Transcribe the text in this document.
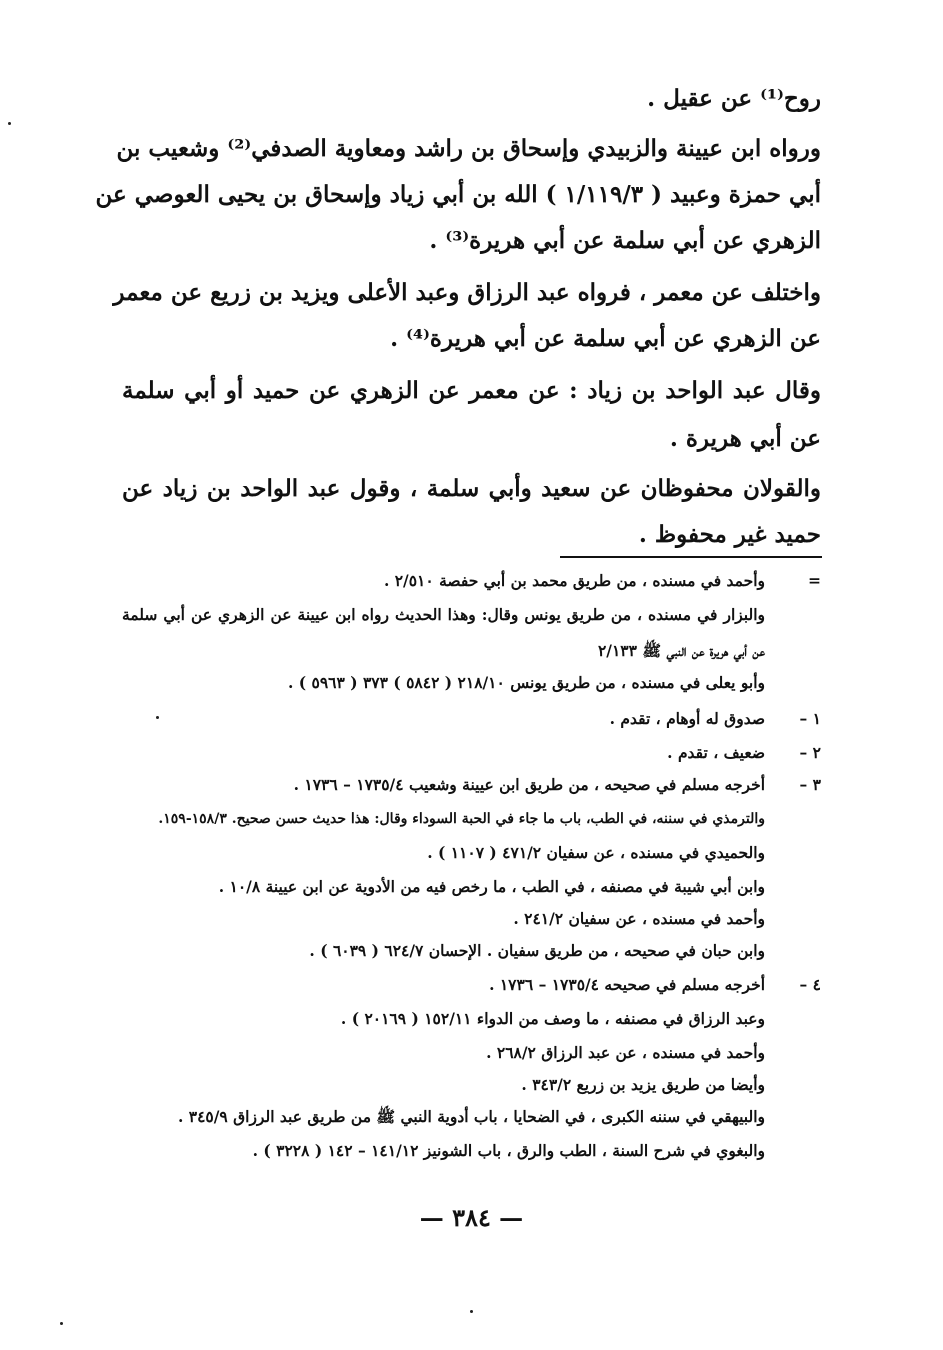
روح⁽¹⁾ عن عقيل .

ورواه ابن عيينة والزبيدي وإسحاق بن راشد ومعاوية الصدفي⁽²⁾ وشعيب بن

أبي حمزة وعبيد ( ١/١١٩/٣ ) الله بن أبي زياد وإسحاق بن يحيى العوصي عن

الزهري عن أبي سلمة عن أبي هريرة⁽³⁾ .

واختلف عن معمر ، فرواه عبد الرزاق وعبد الأعلى ويزيد بن زريع عن معمر

عن الزهري عن أبي سلمة عن أبي هريرة⁽⁴⁾ .

وقال عبد الواحد بن زياد : عن معمر عن الزهري عن حميد أو أبي سلمة

عن أبي هريرة .

والقولان محفوظان عن سعيد وأبي سلمة ، وقول عبد الواحد بن زياد عن

حميد غير محفوظ .

=

وأحمد في مسنده ، من طريق محمد بن أبي حفصة ٢/٥١٠ .

والبزار في مسنده ، من طريق يونس وقال: وهذا الحديث رواه ابن عيينة عن الزهري عن أبي سلمة

عن أبي هريرة عن النبي ﷺ ٢/١٣٣

وأبو يعلى في مسنده ، من طريق يونس ٢١٨/١٠ ( ٥٨٤٢ ) ٣٧٣ ( ٥٩٦٣ ) .

١ –

صدوق له أوهام ، تقدم .

٢ –

ضعيف ، تقدم .

٣ –

أخرجه مسلم في صحيحه ، من طريق ابن عيينة وشعيب ١٧٣٥/٤ – ١٧٣٦ .

والترمذي في سننه، في الطب، باب ما جاء في الحبة السوداء وقال: هذا حديث حسن صحيح. ١٥٨/٣-١٥٩.

والحميدي في مسنده ، عن سفيان ٤٧١/٢ ( ١١٠٧ ) .

وابن أبي شيبة في مصنفه ، في الطب ، ما رخص فيه من الأدوية عن ابن عيينة ١٠/٨ .

وأحمد في مسنده ، عن سفيان ٢٤١/٢ .

وابن حبان في صحيحه ، من طريق سفيان . الإحسان ٦٢٤/٧ ( ٦٠٣٩ ) .

٤ –

أخرجه مسلم في صحيحه ١٧٣٥/٤ – ١٧٣٦ .

وعبد الرزاق في مصنفه ، ما وصف من الدواء ١٥٢/١١ ( ٢٠١٦٩ ) .

وأحمد في مسنده ، عن عبد الرزاق ٢٦٨/٢ .

وأيضا من طريق يزيد بن زريع ٣٤٣/٢ .

والبيهقي في سننه الكبرى ، في الضحايا ، باب أدوية النبي ﷺ من طريق عبد الرزاق ٣٤٥/٩ .

والبغوي في شرح السنة ، الطب والرق ، باب الشونيز ١٤١/١٢ – ١٤٢ ( ٣٢٢٨ ) .

— ٣٨٤ —
